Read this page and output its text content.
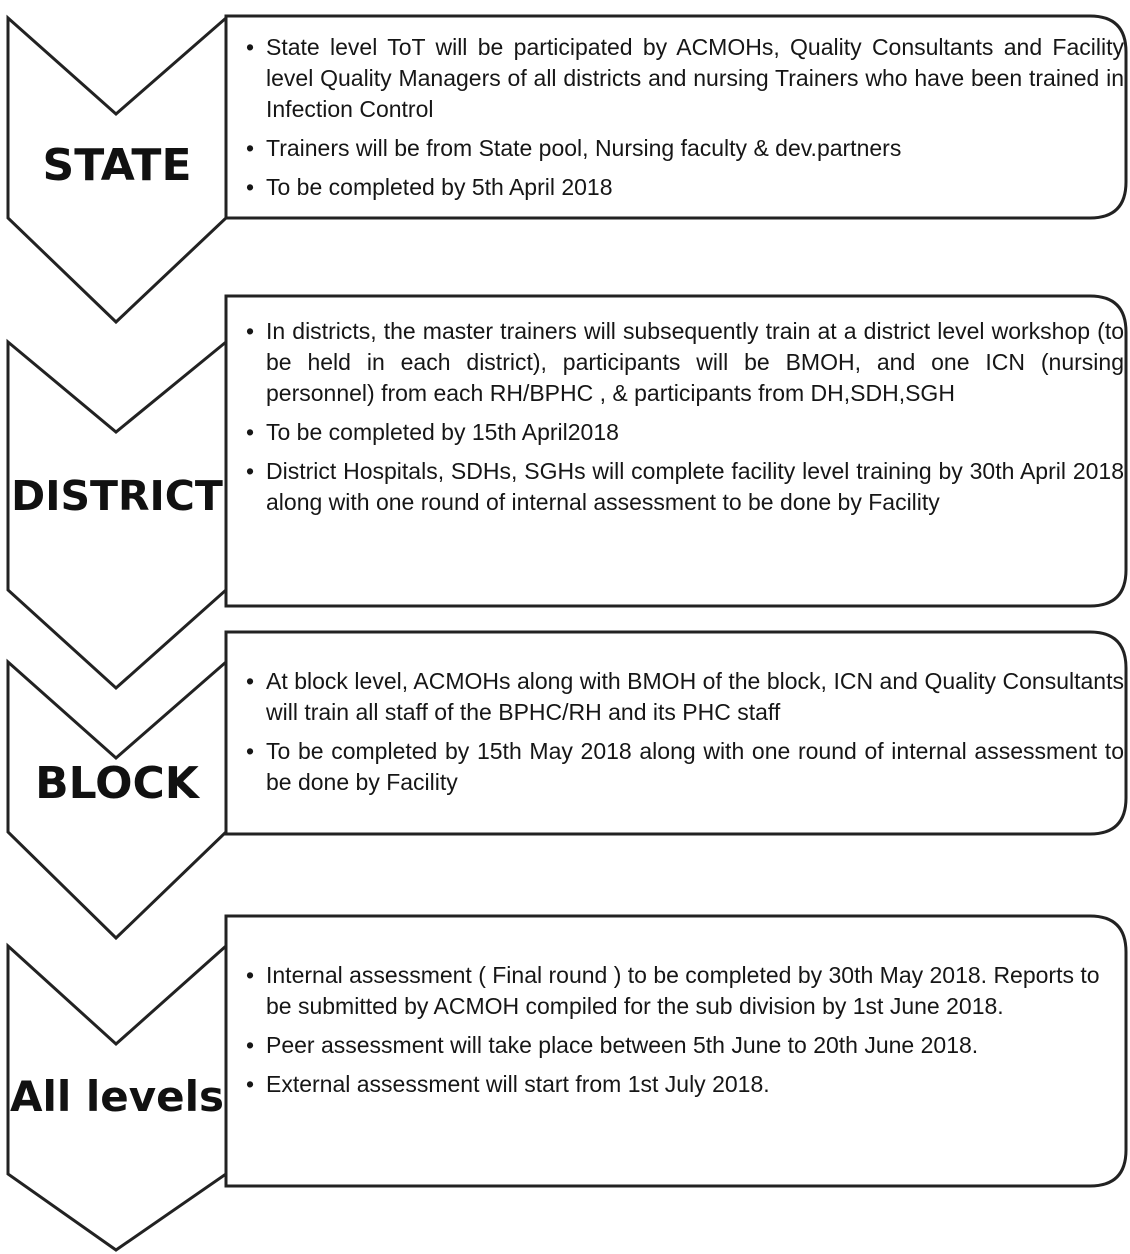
STATE
• State level ToT will be participated by ACMOHs, Quality Consultants and Facility level Quality Managers of all districts and nursing Trainers who have been trained in Infection Control
• Trainers will be from State pool, Nursing faculty & dev.partners
• To be completed by 5th April 2018
DISTRICT
• In districts, the master trainers will subsequently train at a district level workshop (to be held in each district), participants will be BMOH, and one ICN (nursing personnel) from each RH/BPHC , & participants from DH,SDH,SGH
• To be completed by 15th April2018
• District Hospitals, SDHs, SGHs will complete facility level training by 30th April 2018 along with one round of internal assessment to be done by Facility
BLOCK
• At block level, ACMOHs along with BMOH of the block, ICN and Quality Consultants will train all staff of the BPHC/RH and its PHC staff
• To be completed by 15th May 2018 along with one round of internal assessment to be done by Facility
All levels
• Internal assessment ( Final round ) to be completed by 30th May 2018. Reports to be submitted by ACMOH compiled for the sub division by 1st June 2018.
• Peer assessment will take place between 5th June to 20th June 2018.
• External assessment will start from 1st July 2018.
